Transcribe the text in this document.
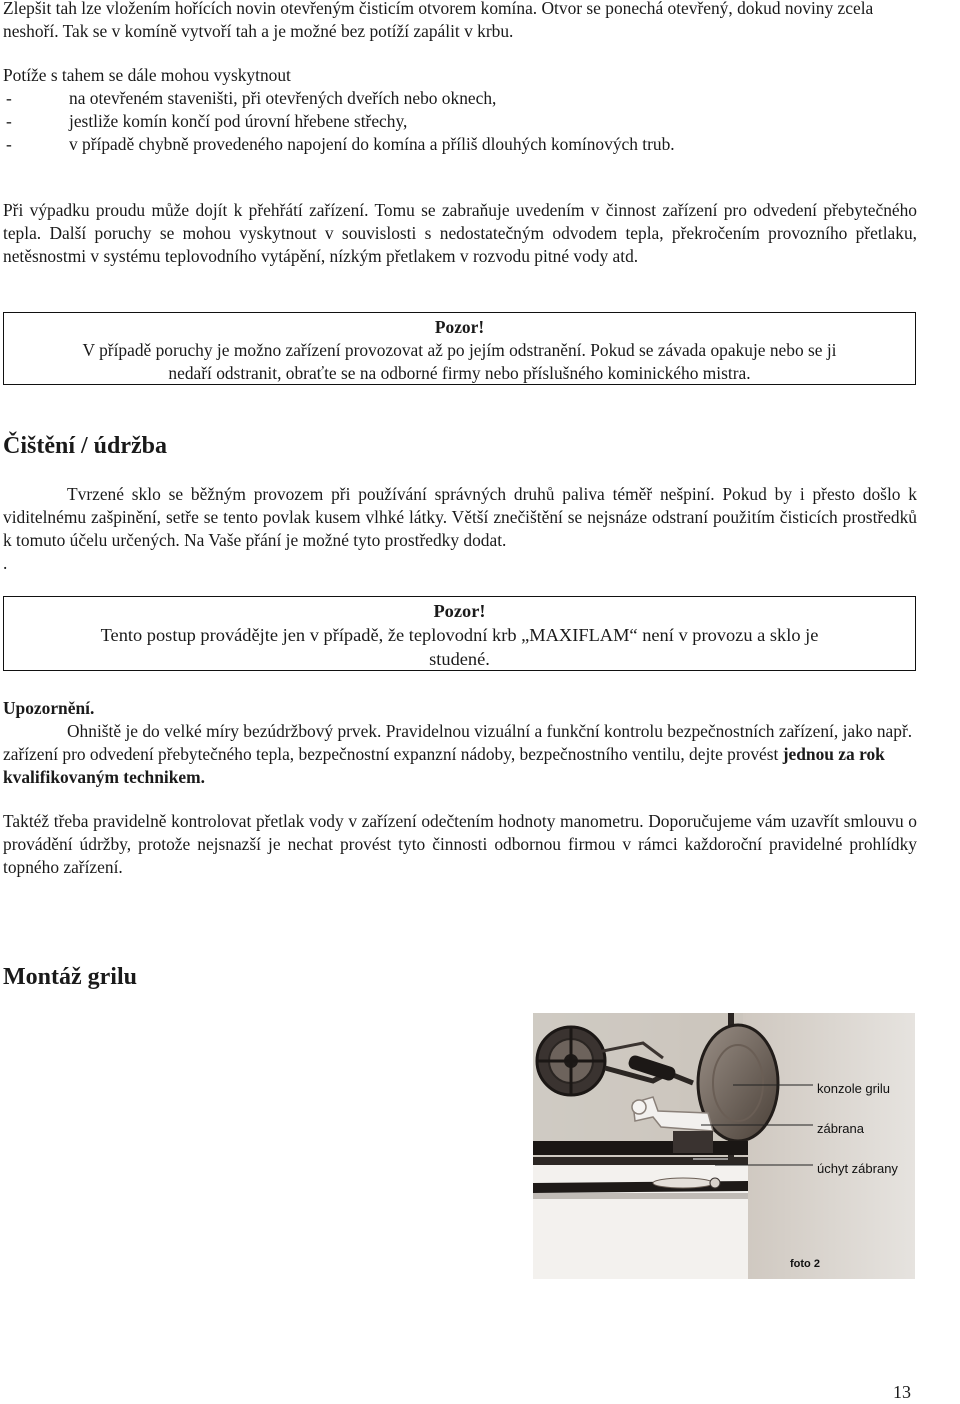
Zlepšit tah lze vložením hořících novin otevřeným čisticím otvorem komína. Otvor se ponechá otevřený, dokud noviny zcela neshoří. Tak se v komíně vytvoří tah a je možné bez potíží zapálit v krbu.

Potíže s tahem se dále mohou vyskytnout
-	na otevřeném staveništi, při otevřených dveřích nebo oknech,
-	jestliže komín končí pod úrovní hřebene střechy,
-	v případě chybně provedeného napojení do komína a příliš dlouhých komínových trub.

Při výpadku proudu může dojít k přehřátí zařízení. Tomu se zabraňuje uvedením v činnost zařízení pro odvedení přebytečného tepla. Další poruchy se mohou vyskytnout v souvislosti s nedostatečným odvodem tepla, překročením provozního přetlaku, netěsnostmi v systému teplovodního vytápění, nízkým přetlakem v rozvodu pitné vody atd.

Pozor!
V případě poruchy je možno zařízení provozovat až po jejím odstranění. Pokud se závada opakuje nebo se ji
nedaří odstranit, obraťte se na odborné firmy nebo příslušného kominického mistra.
Čištění / údržba

Tvrzené sklo se běžným provozem při používání správných druhů paliva téměř nešpiní. Pokud by i přesto došlo k viditelnému zašpinění, setře se tento povlak kusem vlhké látky. Větší znečištění se nejsnáze odstraní použitím čisticích prostředků k tomuto účelu určených. Na Vaše přání je možné tyto prostředky dodat.
.

Pozor!
Tento postup provádějte jen v případě, že teplovodní krb „MAXIFLAM“ není v provozu a sklo je
studené.

Upozornění.
Ohniště je do velké míry bezúdržbový prvek. Pravidelnou vizuální a funkční kontrolu bezpečnostních zařízení, jako např. zařízení pro odvedení přebytečného tepla, bezpečnostní expanzní nádoby, bezpečnostního ventilu, dejte provést jednou za rok kvalifikovaným technikem.

Taktéž třeba pravidelně kontrolovat přetlak vody v zařízení odečtením hodnoty manometru. Doporučujeme vám uzavřít smlouvu o provádění údržby, protože nejsnazší je nechat provést tyto činnosti odbornou firmou v rámci každoroční pravidelné prohlídky topného zařízení.

Montáž grilu
konzole grilu
zábrana
úchyt zábrany
foto 2
13
